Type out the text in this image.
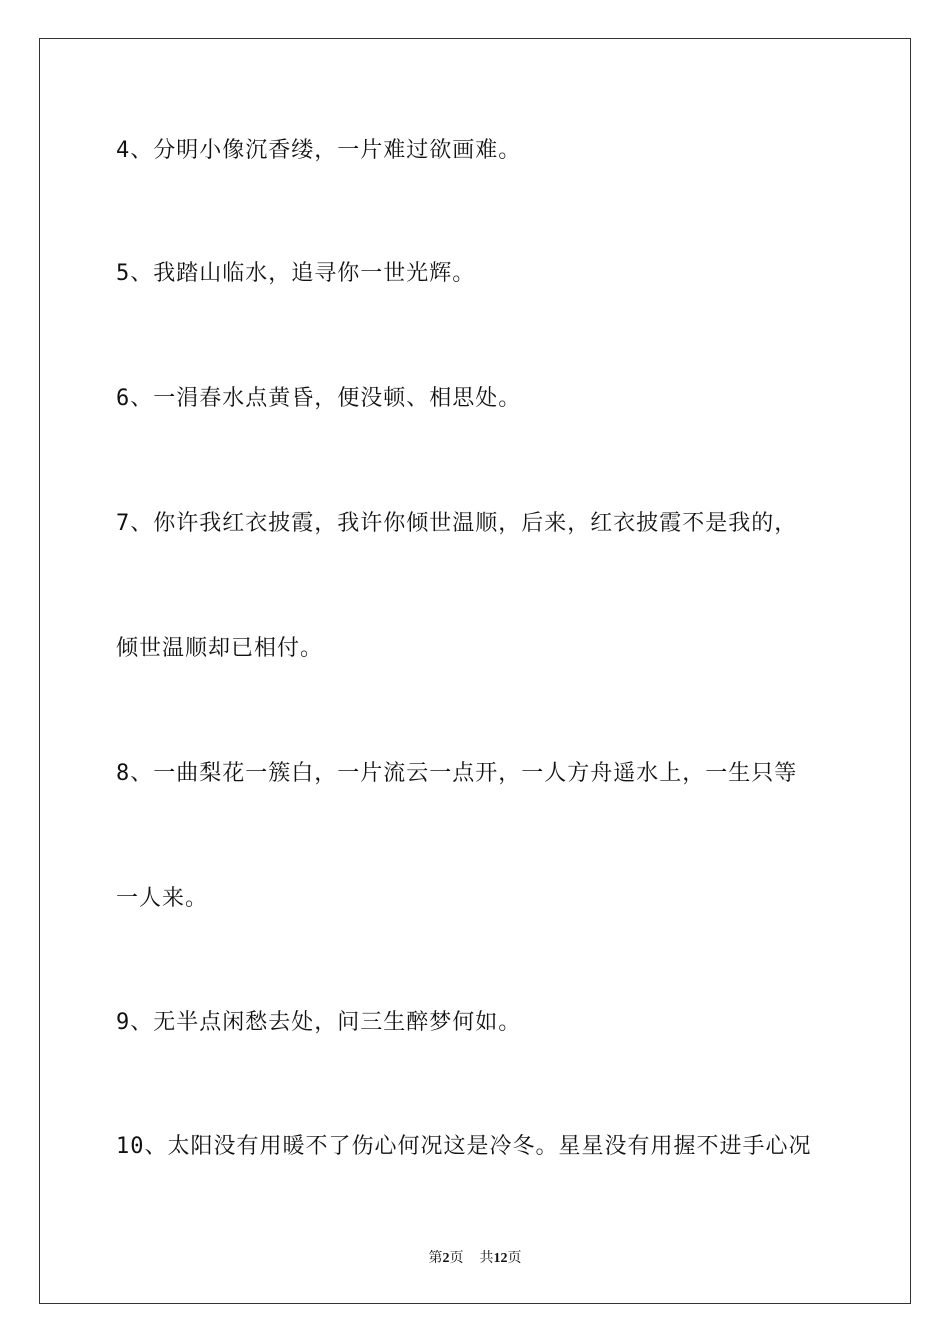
4、分明小像沉香缕，一片难过欲画难。
5、我踏山临水，追寻你一世光辉。
6、一涓春水点黄昏，便没顿、相思处。
7、你许我红衣披霞，我许你倾世温顺，后来，红衣披霞不是我的，
倾世温顺却已相付。
8、一曲梨花一簇白，一片流云一点开，一人方舟遥水上，一生只等
一人来。
9、无半点闲愁去处，问三生醉梦何如。
10、太阳没有用暖不了伤心何况这是冷冬。星星没有用握不进手心况
第2页 共12页
